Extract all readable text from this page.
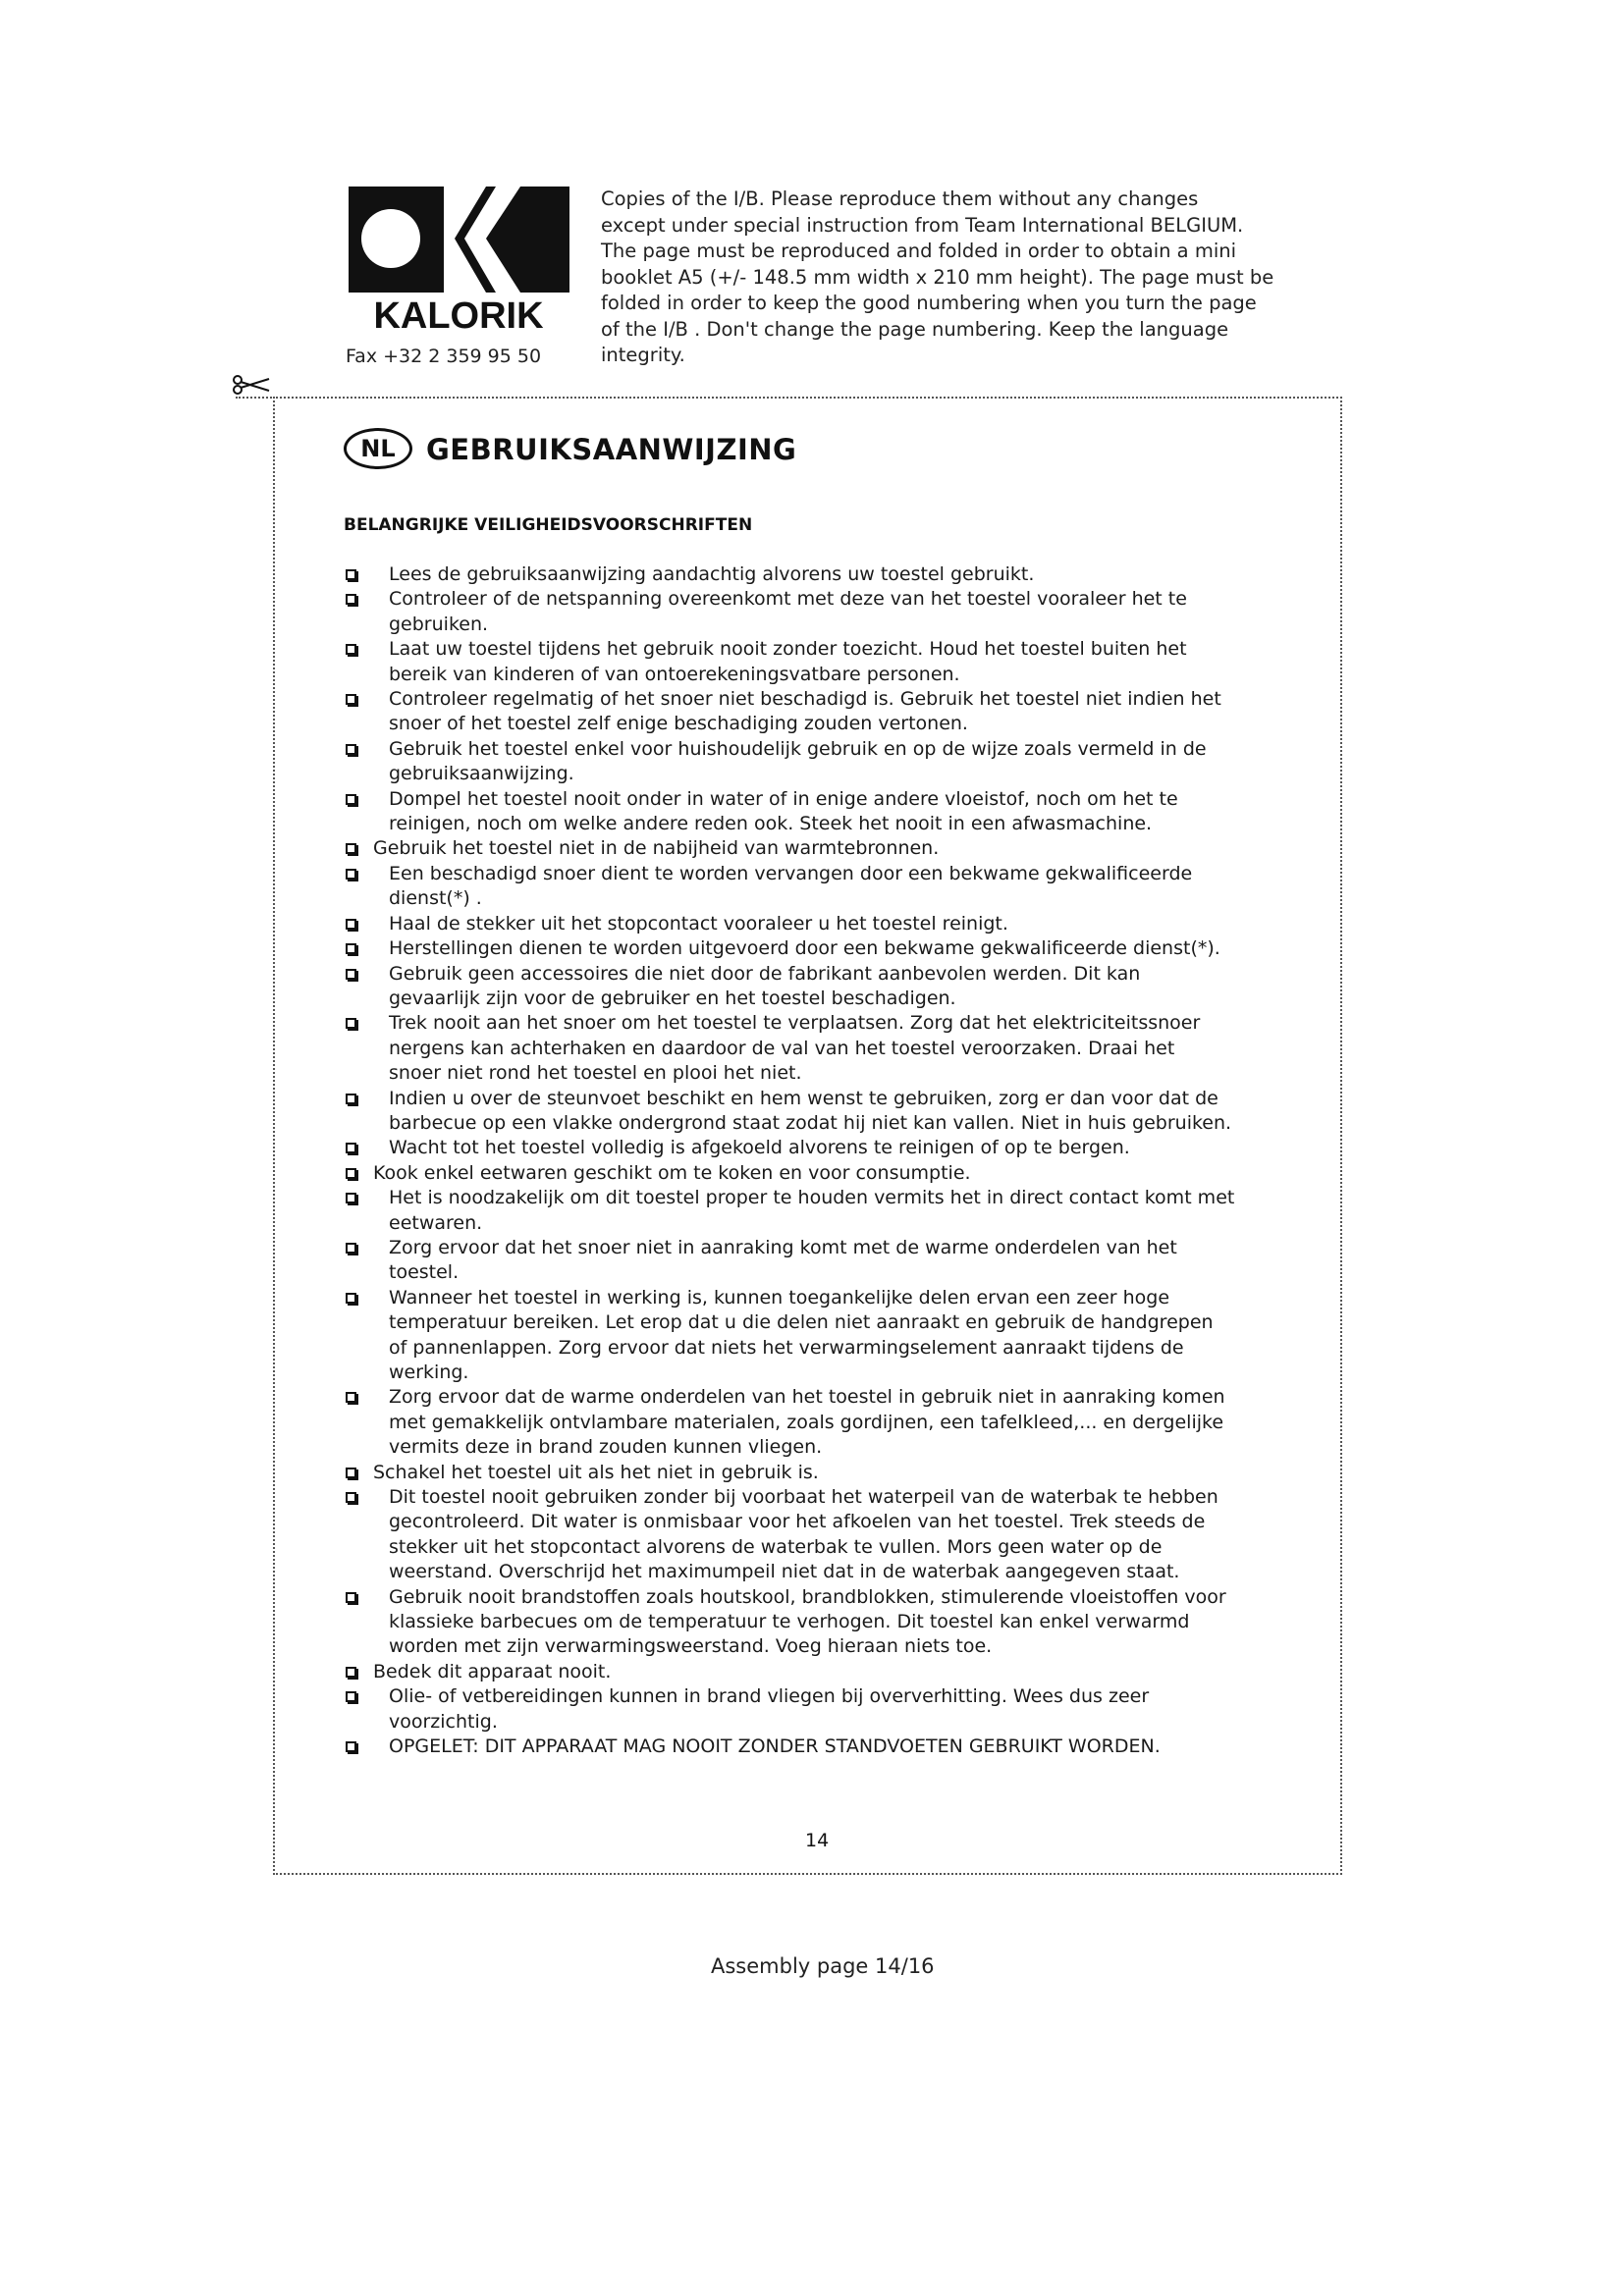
KALORIK
Fax +32 2 359 95 50

Copies of the I/B. Please reproduce them without any changes

except under special instruction from Team International BELGIUM.

The page must be reproduced and folded in order to obtain a mini

booklet A5 (+/- 148.5 mm width x 210 mm height). The page must be

folded in order to keep the good numbering when you turn the page

of the I/B . Don't change the page numbering. Keep the language

integrity.

NL	GEBRUIKSAANWIJZING
BELANGRIJKE VEILIGHEIDSVOORSCHRIFTEN
Lees de gebruiksaanwijzing aandachtig alvorens uw toestel gebruikt.
Controleer of de netspanning overeenkomt met deze van het toestel vooraleer het te
gebruiken.
Laat uw toestel tijdens het gebruik nooit zonder toezicht. Houd het toestel buiten het
bereik van kinderen of van ontoerekeningsvatbare personen.
Controleer regelmatig of het snoer niet beschadigd is. Gebruik het toestel niet indien het
snoer of het toestel zelf enige beschadiging zouden vertonen.
Gebruik het toestel enkel voor huishoudelijk gebruik en op de wijze zoals vermeld in de
gebruiksaanwijzing.
Dompel het toestel nooit onder in water of in enige andere vloeistof, noch om het te
reinigen, noch om welke andere reden ook. Steek het nooit in een afwasmachine.
Gebruik het toestel niet in de nabijheid van warmtebronnen.
Een beschadigd snoer dient te worden vervangen door een bekwame gekwalificeerde
dienst(*) .
Haal de stekker uit het stopcontact vooraleer u het toestel reinigt.
Herstellingen dienen te worden uitgevoerd door een bekwame gekwalificeerde dienst(*).
Gebruik geen accessoires die niet door de fabrikant aanbevolen werden. Dit kan
gevaarlijk zijn voor de gebruiker en het toestel beschadigen.
Trek nooit aan het snoer om het toestel te verplaatsen. Zorg dat het elektriciteitssnoer
nergens kan achterhaken en daardoor de val van het toestel veroorzaken. Draai het
snoer niet rond het toestel en plooi het niet.
Indien u over de steunvoet beschikt en hem wenst te gebruiken, zorg er dan voor dat de
barbecue op een vlakke ondergrond staat zodat hij niet kan vallen. Niet in huis gebruiken.
Wacht tot het toestel volledig is afgekoeld alvorens te reinigen of op te bergen.
Kook enkel eetwaren geschikt om te koken en voor consumptie.
Het is noodzakelijk om dit toestel proper te houden vermits het in direct contact komt met
eetwaren.
Zorg ervoor dat het snoer niet in aanraking komt met de warme onderdelen van het
toestel.
Wanneer het toestel in werking is, kunnen toegankelijke delen ervan een zeer hoge
temperatuur bereiken. Let erop dat u die delen niet aanraakt en gebruik de handgrepen
of pannenlappen. Zorg ervoor dat niets het verwarmingselement aanraakt tijdens de
werking.
Zorg ervoor dat de warme onderdelen van het toestel in gebruik niet in aanraking komen
met gemakkelijk ontvlambare materialen, zoals gordijnen, een tafelkleed,... en dergelijke
vermits deze in brand zouden kunnen vliegen.
Schakel het toestel uit als het niet in gebruik is.
Dit toestel nooit gebruiken zonder bij voorbaat het waterpeil van de waterbak te hebben
gecontroleerd. Dit water is onmisbaar voor het afkoelen van het toestel. Trek steeds de
stekker uit het stopcontact alvorens de waterbak te vullen. Mors geen water op de
weerstand. Overschrijd het maximumpeil niet dat in de waterbak aangegeven staat.
Gebruik nooit brandstoffen zoals houtskool, brandblokken, stimulerende vloeistoffen voor
klassieke barbecues om de temperatuur te verhogen. Dit toestel kan enkel verwarmd
worden met zijn verwarmingsweerstand. Voeg hieraan niets toe.
Bedek dit apparaat nooit.
Olie- of vetbereidingen kunnen in brand vliegen bij oververhitting. Wees dus zeer
voorzichtig.
OPGELET: DIT APPARAAT MAG NOOIT ZONDER STANDVOETEN GEBRUIKT WORDEN.
14
Assembly page 14/16
